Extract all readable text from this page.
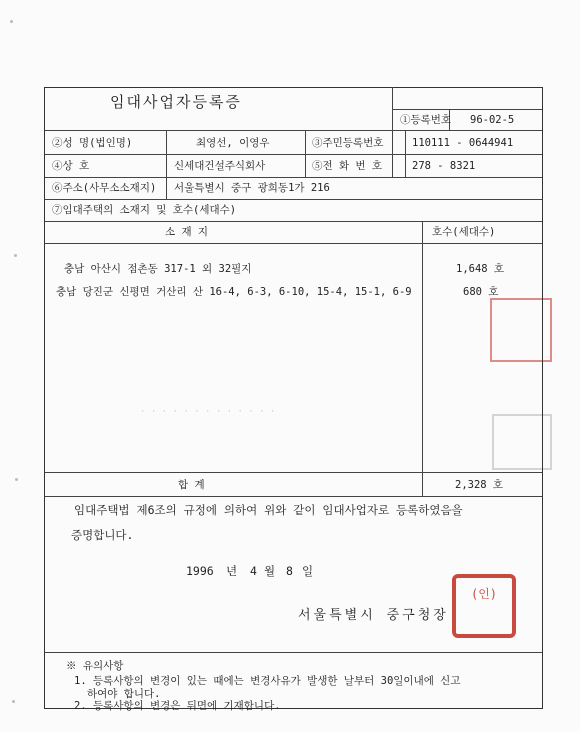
임대사업자등록증
①등록번호 96-02-5
②성 명(법인명)	최영선, 이영우	③주민등록번호	110111 - 0644941
④상 호	신세대건설주식회사	⑤전 화 번 호	278 - 8321
⑥주소(사무소소재지) 서울특별시 중구 광희동1가 216
⑦임대주택의 소재지 및 호수(세대수)
소 재 지	호수(세대수)
충남 아산시 점촌동 317-1 외 32필지	1,648 호
충남 당진군 신평면 거산리 산 16-4, 6-3, 6-10, 15-4, 15-1, 6-9	680 호
· · · · · · · · · · · · ·
합 계	2,328 호
임대주택법 제6조의 규정에 의하여 위와 같이 임대사업자로 등록하였음을
증명합니다.
1996 년 4 월 8 일
서울특별시 중구청장
(인)
※ 유의사항
1. 등록사항의 변경이 있는 때에는 변경사유가 발생한 날부터 30일이내에 신고
하여야 합니다.
2. 등록사항의 변경은 뒤면에 기재합니다.
